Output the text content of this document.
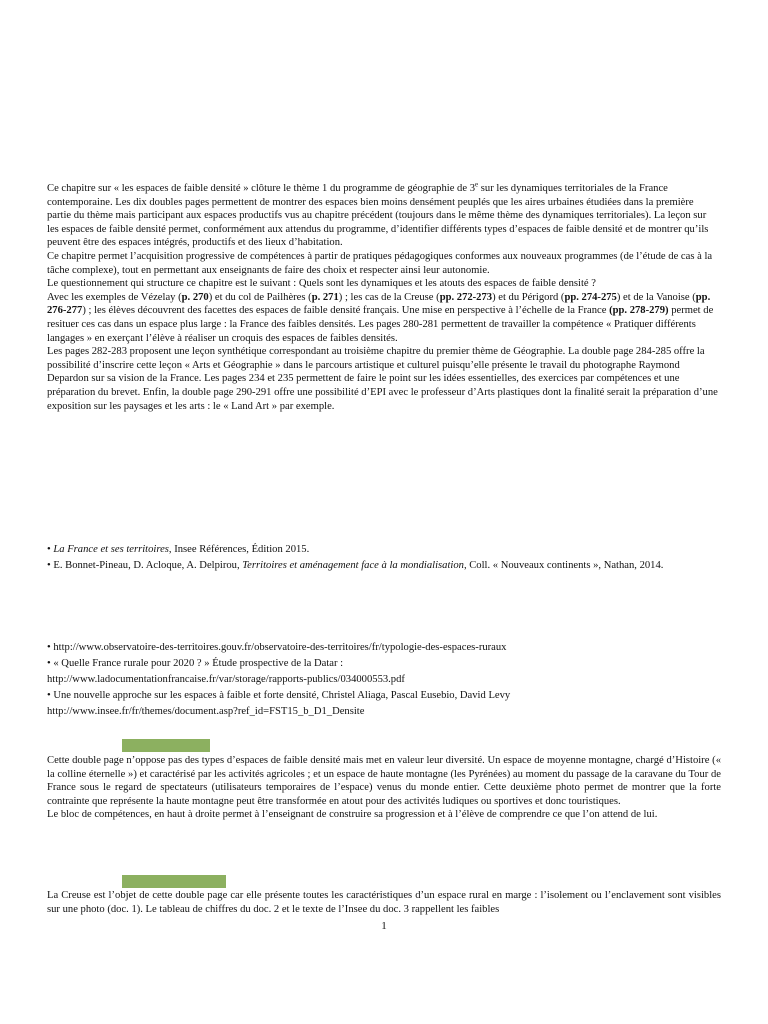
Ce chapitre sur « les espaces de faible densité » clôture le thème 1 du programme de géographie de 3e sur les dynamiques territoriales de la France contemporaine. Les dix doubles pages permettent de montrer des espaces bien moins densément peuplés que les aires urbaines étudiées dans la première partie du thème mais participant aux espaces productifs vus au chapitre précédent (toujours dans le même thème des dynamiques territoriales). La leçon sur les espaces de faible densité permet, conformément aux attendus du programme, d’identifier différents types d’espaces de faible densité et de montrer qu’ils peuvent être des espaces intégrés, productifs et des lieux d’habitation.

Ce chapitre permet l’acquisition progressive de compétences à partir de pratiques pédagogiques conformes aux nouveaux programmes (de l’étude de cas à la tâche complexe), tout en permettant aux enseignants de faire des choix et respecter ainsi leur autonomie.

Le questionnement qui structure ce chapitre est le suivant : Quels sont les dynamiques et les atouts des espaces de faible densité ?

Avec les exemples de Vézelay (p. 270) et du col de Pailhères (p. 271) ; les cas de la Creuse (pp. 272-273) et du Périgord (pp. 274-275) et de la Vanoise (pp. 276-277) ; les élèves découvrent des facettes des espaces de faible densité français. Une mise en perspective à l’échelle de la France (pp. 278-279) permet de resituer ces cas dans un espace plus large : la France des faibles densités. Les pages 280-281 permettent de travailler la compétence « Pratiquer différents langages » en exerçant l’élève à réaliser un croquis des espaces de faibles densités.

Les pages 282-283 proposent une leçon synthétique correspondant au troisième chapitre du premier thème de Géographie. La double page 284-285 offre la possibilité d’inscrire cette leçon « Arts et Géographie » dans le parcours artistique et culturel puisqu’elle présente le travail du photographe Raymond Depardon sur sa vision de la France. Les pages 234 et 235 permettent de faire le point sur les idées essentielles, des exercices par compétences et une préparation du brevet. Enfin, la double page 290-291 offre une possibilité d’EPI avec le professeur d’Arts plastiques dont la finalité serait la préparation d’une exposition sur les paysages et les arts : le « Land Art » par exemple.

• La France et ses territoires, Insee Références, Édition 2015.

• E. Bonnet-Pineau, D. Acloque, A. Delpirou, Territoires et aménagement face à la mondialisation, Coll. « Nouveaux continents », Nathan, 2014.

• http://www.observatoire-des-territoires.gouv.fr/observatoire-des-territoires/fr/typologie-des-espaces-ruraux

• « Quelle France rurale pour 2020 ? » Étude prospective de la Datar :

http://www.ladocumentationfrancaise.fr/var/storage/rapports-publics/034000553.pdf

• Une nouvelle approche sur les espaces à faible et forte densité, Christel Aliaga, Pascal Eusebio, David Levy

http://www.insee.fr/fr/themes/document.asp?ref_id=FST15_b_D1_Densite

Cette double page n’oppose pas des types d’espaces de faible densité mais met en valeur leur diversité. Un espace de moyenne montagne, chargé d’Histoire (« la colline éternelle ») et caractérisé par les activités agricoles ; et un espace de haute montagne (les Pyrénées) au moment du passage de la caravane du Tour de France sous le regard de spectateurs (utilisateurs temporaires de l’espace) venus du monde entier. Cette deuxième photo permet de montrer que la forte contrainte que représente la haute montagne peut être transformée en atout pour des activités ludiques ou sportives et donc touristiques.

Le bloc de compétences, en haut à droite permet à l’enseignant de construire sa progression et à l’élève de comprendre ce que l’on attend de lui.

La Creuse est l’objet de cette double page car elle présente toutes les caractéristiques d’un espace rural en marge : l’isolement ou l’enclavement sont visibles sur une photo (doc. 1). Le tableau de chiffres du doc. 2 et le texte de l’Insee du doc. 3 rappellent les faibles

1
